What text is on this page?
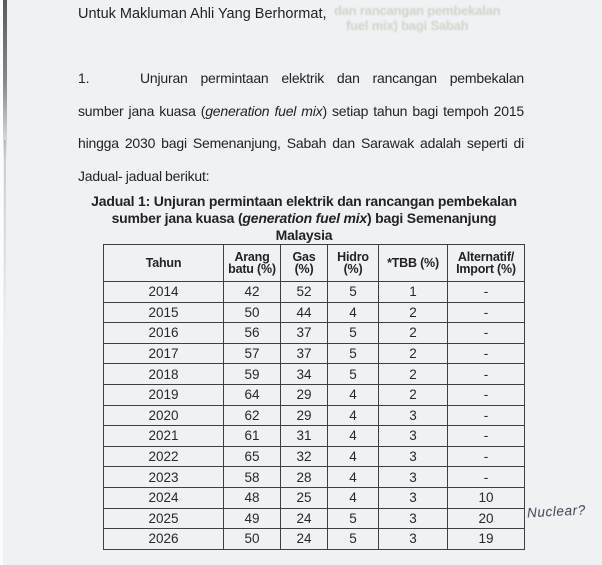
dan rancangan pembekalan
fuel mix) bagi Sabah
Untuk Makluman Ahli Yang Berhormat,
1.	Unjuran permintaan elektrik dan rancangan pembekalan
sumber jana kuasa (generation fuel mix) setiap tahun bagi tempoh 2015
hingga 2030 bagi Semenanjung, Sabah dan Sarawak adalah seperti di
Jadual- jadual berikut:
Jadual 1: Unjuran permintaan elektrik dan rancangan pembekalan
sumber jana kuasa (generation fuel mix) bagi Semenanjung
Malaysia
Tahun	Arang batu (%)	Gas (%)	Hidro (%)	*TBB (%)	Alternatif/ Import (%)
2014	42	52	5	1	-
2015	50	44	4	2	-
2016	56	37	5	2	-
2017	57	37	5	2	-
2018	59	34	5	2	-
2019	64	29	4	2	-
2020	62	29	4	3	-
2021	61	31	4	3	-
2022	65	32	4	3	-
2023	58	28	4	3	-
2024	48	25	4	3	10
2025	49	24	5	3	20
2026	50	24	5	3	19
Nuclear?
